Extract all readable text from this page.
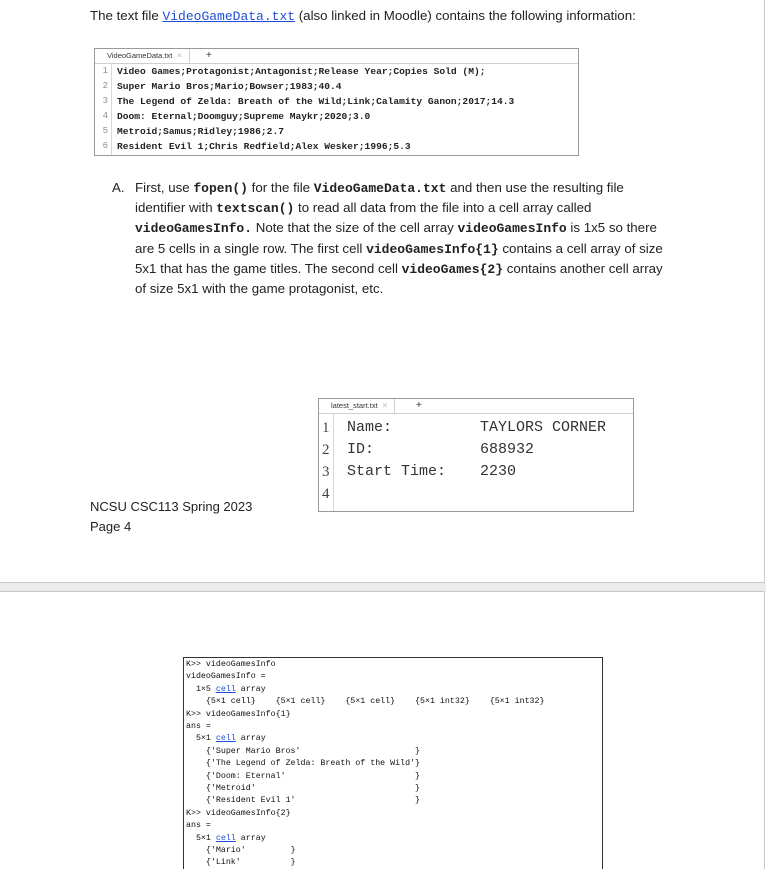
The text file VideoGameData.txt (also linked in Moodle) contains the following information:
VideoGameData.txt ✕	+
1 Video Games;Protagonist;Antagonist;Release Year;Copies Sold (M);
2 Super Mario Bros;Mario;Bowser;1983;40.4
3 The Legend of Zelda: Breath of the Wild;Link;Calamity Ganon;2017;14.3
4 Doom: Eternal;Doomguy;Supreme Maykr;2020;3.0
5 Metroid;Samus;Ridley;1986;2.7
6 Resident Evil 1;Chris Redfield;Alex Wesker;1996;5.3
A. First, use fopen() for the file VideoGameData.txt and then use the resulting file identifier with textscan() to read all data from the file into a cell array called videoGamesInfo. Note that the size of the cell array videoGamesInfo is 1x5 so there are 5 cells in a single row. The first cell videoGamesInfo{1} contains a cell array of size 5x1 that has the game titles. The second cell videoGames{2} contains another cell array of size 5x1 with the game protagonist, etc.
latest_start.txt ✕	+
1 Name:	TAYLORS CORNER
2 ID:	688932
3 Start Time: 2230
4
NCSU CSC113 Spring 2023
Page 4
K>> videoGamesInfo
videoGamesInfo =
1×5 cell array
{5×1 cell}    {5×1 cell}    {5×1 cell}    {5×1 int32}    {5×1 int32}
K>> videoGamesInfo{1}
ans =
5×1 cell array
{'Super Mario Bros'                       }
{'The Legend of Zelda: Breath of the Wild'}
{'Doom: Eternal'                          }
{'Metroid'                                }
{'Resident Evil 1'                        }
K>> videoGamesInfo{2}
ans =
5×1 cell array
{'Mario'         }
{'Link'          }
